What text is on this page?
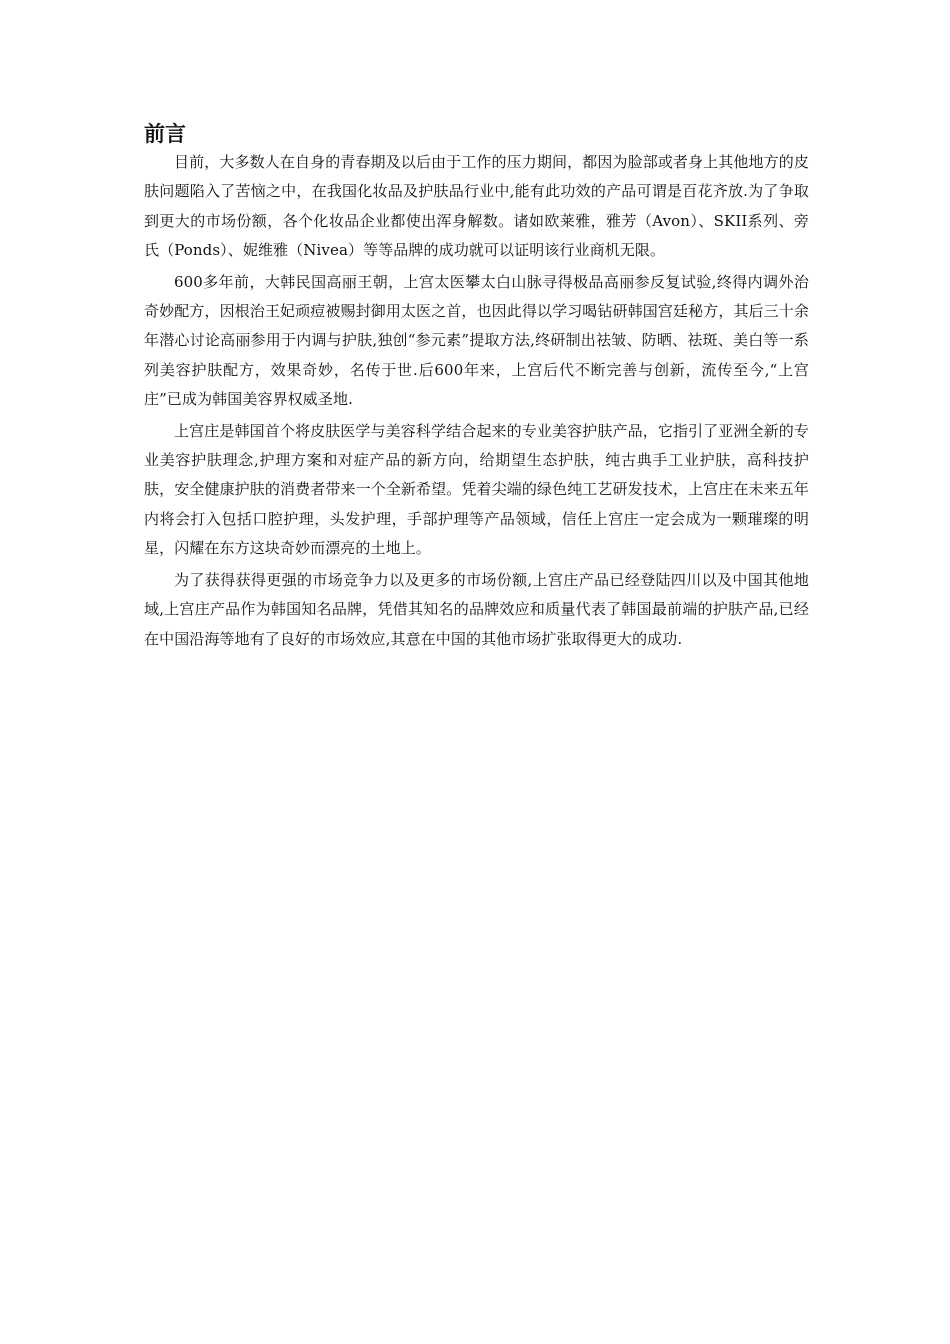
前言

目前，大多数人在自身的青春期及以后由于工作的压力期间，都因为脸部或者身上其他地方的皮肤问题陷入了苦恼之中，在我国化妆品及护肤品行业中,能有此功效的产品可谓是百花齐放.为了争取到更大的市场份额，各个化妆品企业都使出浑身解数。诸如欧莱雅，雅芳（Avon）、SKII系列、旁氏（Ponds）、妮维雅（Nivea）等等品牌的成功就可以证明该行业商机无限。

600多年前，大韩民国高丽王朝，上宫太医攀太白山脉寻得极品高丽参反复试验,终得内调外治奇妙配方，因根治王妃顽痘被赐封御用太医之首，也因此得以学习喝钻研韩国宫廷秘方，其后三十余年潜心讨论高丽参用于内调与护肤,独创“参元素”提取方法,终研制出祛皱、防晒、祛斑、美白等一系列美容护肤配方，效果奇妙，名传于世.后600年来，上宫后代不断完善与创新，流传至今,“上宫庄”已成为韩国美容界权威圣地.

上宫庄是韩国首个将皮肤医学与美容科学结合起来的专业美容护肤产品，它指引了亚洲全新的专业美容护肤理念,护理方案和对症产品的新方向，给期望生态护肤，纯古典手工业护肤，高科技护肤，安全健康护肤的消费者带来一个全新希望。凭着尖端的绿色纯工艺研发技术，上宫庄在未来五年内将会打入包括口腔护理，头发护理，手部护理等产品领域，信任上宫庄一定会成为一颗璀璨的明星，闪耀在东方这块奇妙而漂亮的土地上。

为了获得获得更强的市场竞争力以及更多的市场份额,上宫庄产品已经登陆四川以及中国其他地域,上宫庄产品作为韩国知名品牌，凭借其知名的品牌效应和质量代表了韩国最前端的护肤产品,已经在中国沿海等地有了良好的市场效应,其意在中国的其他市场扩张取得更大的成功.
